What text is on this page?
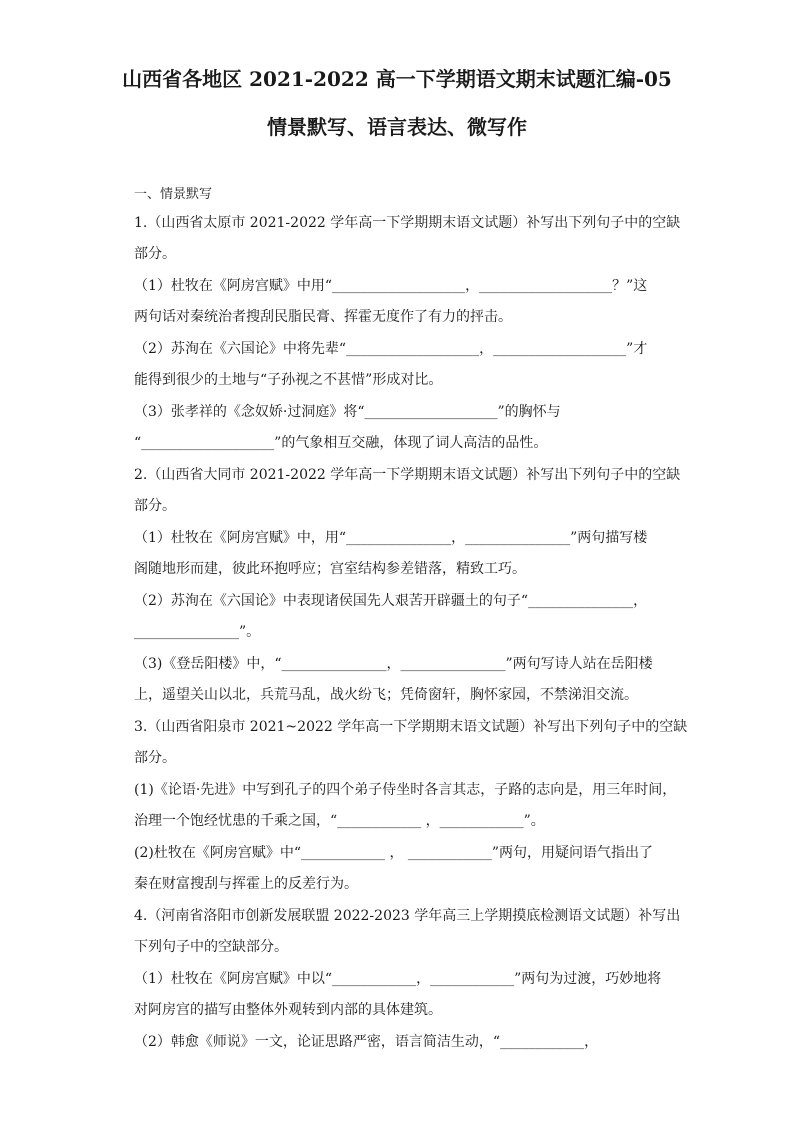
山西省各地区 2021-2022 高一下学期语文期末试题汇编-05
情景默写、语言表达、微写作
一、情景默写
1.（山西省太原市 2021-2022 学年高一下学期期末语文试题）补写出下列句子中的空缺
部分。
（1）杜牧在《阿房宫赋》中用“___________________，___________________？”这
两句话对秦统治者搜刮民脂民膏、挥霍无度作了有力的抨击。
（2）苏洵在《六国论》中将先辈“___________________，___________________”才
能得到很少的土地与“子孙视之不甚惜”形成对比。
（3）张孝祥的《念奴娇·过洞庭》将“___________________”的胸怀与
“___________________”的气象相互交融，体现了词人高洁的品性。
2.（山西省大同市 2021-2022 学年高一下学期期末语文试题）补写出下列句子中的空缺
部分。
（1）杜牧在《阿房宫赋》中，用“_______________，_______________”两句描写楼
阁随地形而建，彼此环抱呼应；宫室结构参差错落，精致工巧。
（2）苏洵在《六国论》中表现诸侯国先人艰苦开辟疆土的句子“_______________，
_______________”。
（3)《登岳阳楼》中，“_______________，_______________”两句写诗人站在岳阳楼
上，遥望关山以北，兵荒马乱，战火纷飞；凭倚窗轩，胸怀家园，不禁涕泪交流。
3.（山西省阳泉市 2021~2022 学年高一下学期期末语文试题）补写出下列句子中的空缺
部分。
(1)《论语·先进》中写到孔子的四个弟子侍坐时各言其志，子路的志向是，用三年时间，
治理一个饱经忧患的千乘之国，“____________ ，____________”。
(2)杜牧在《阿房宫赋》中“____________ ， ____________”两句，用疑问语气指出了
秦在财富搜刮与挥霍上的反差行为。
4.（河南省洛阳市创新发展联盟 2022-2023 学年高三上学期摸底检测语文试题）补写出
下列句子中的空缺部分。
（1）杜牧在《阿房宫赋》中以“____________，____________”两句为过渡，巧妙地将
对阿房宫的描写由整体外观转到内部的具体建筑。
（2）韩愈《师说》一文，论证思路严密，语言简洁生动，“____________，
